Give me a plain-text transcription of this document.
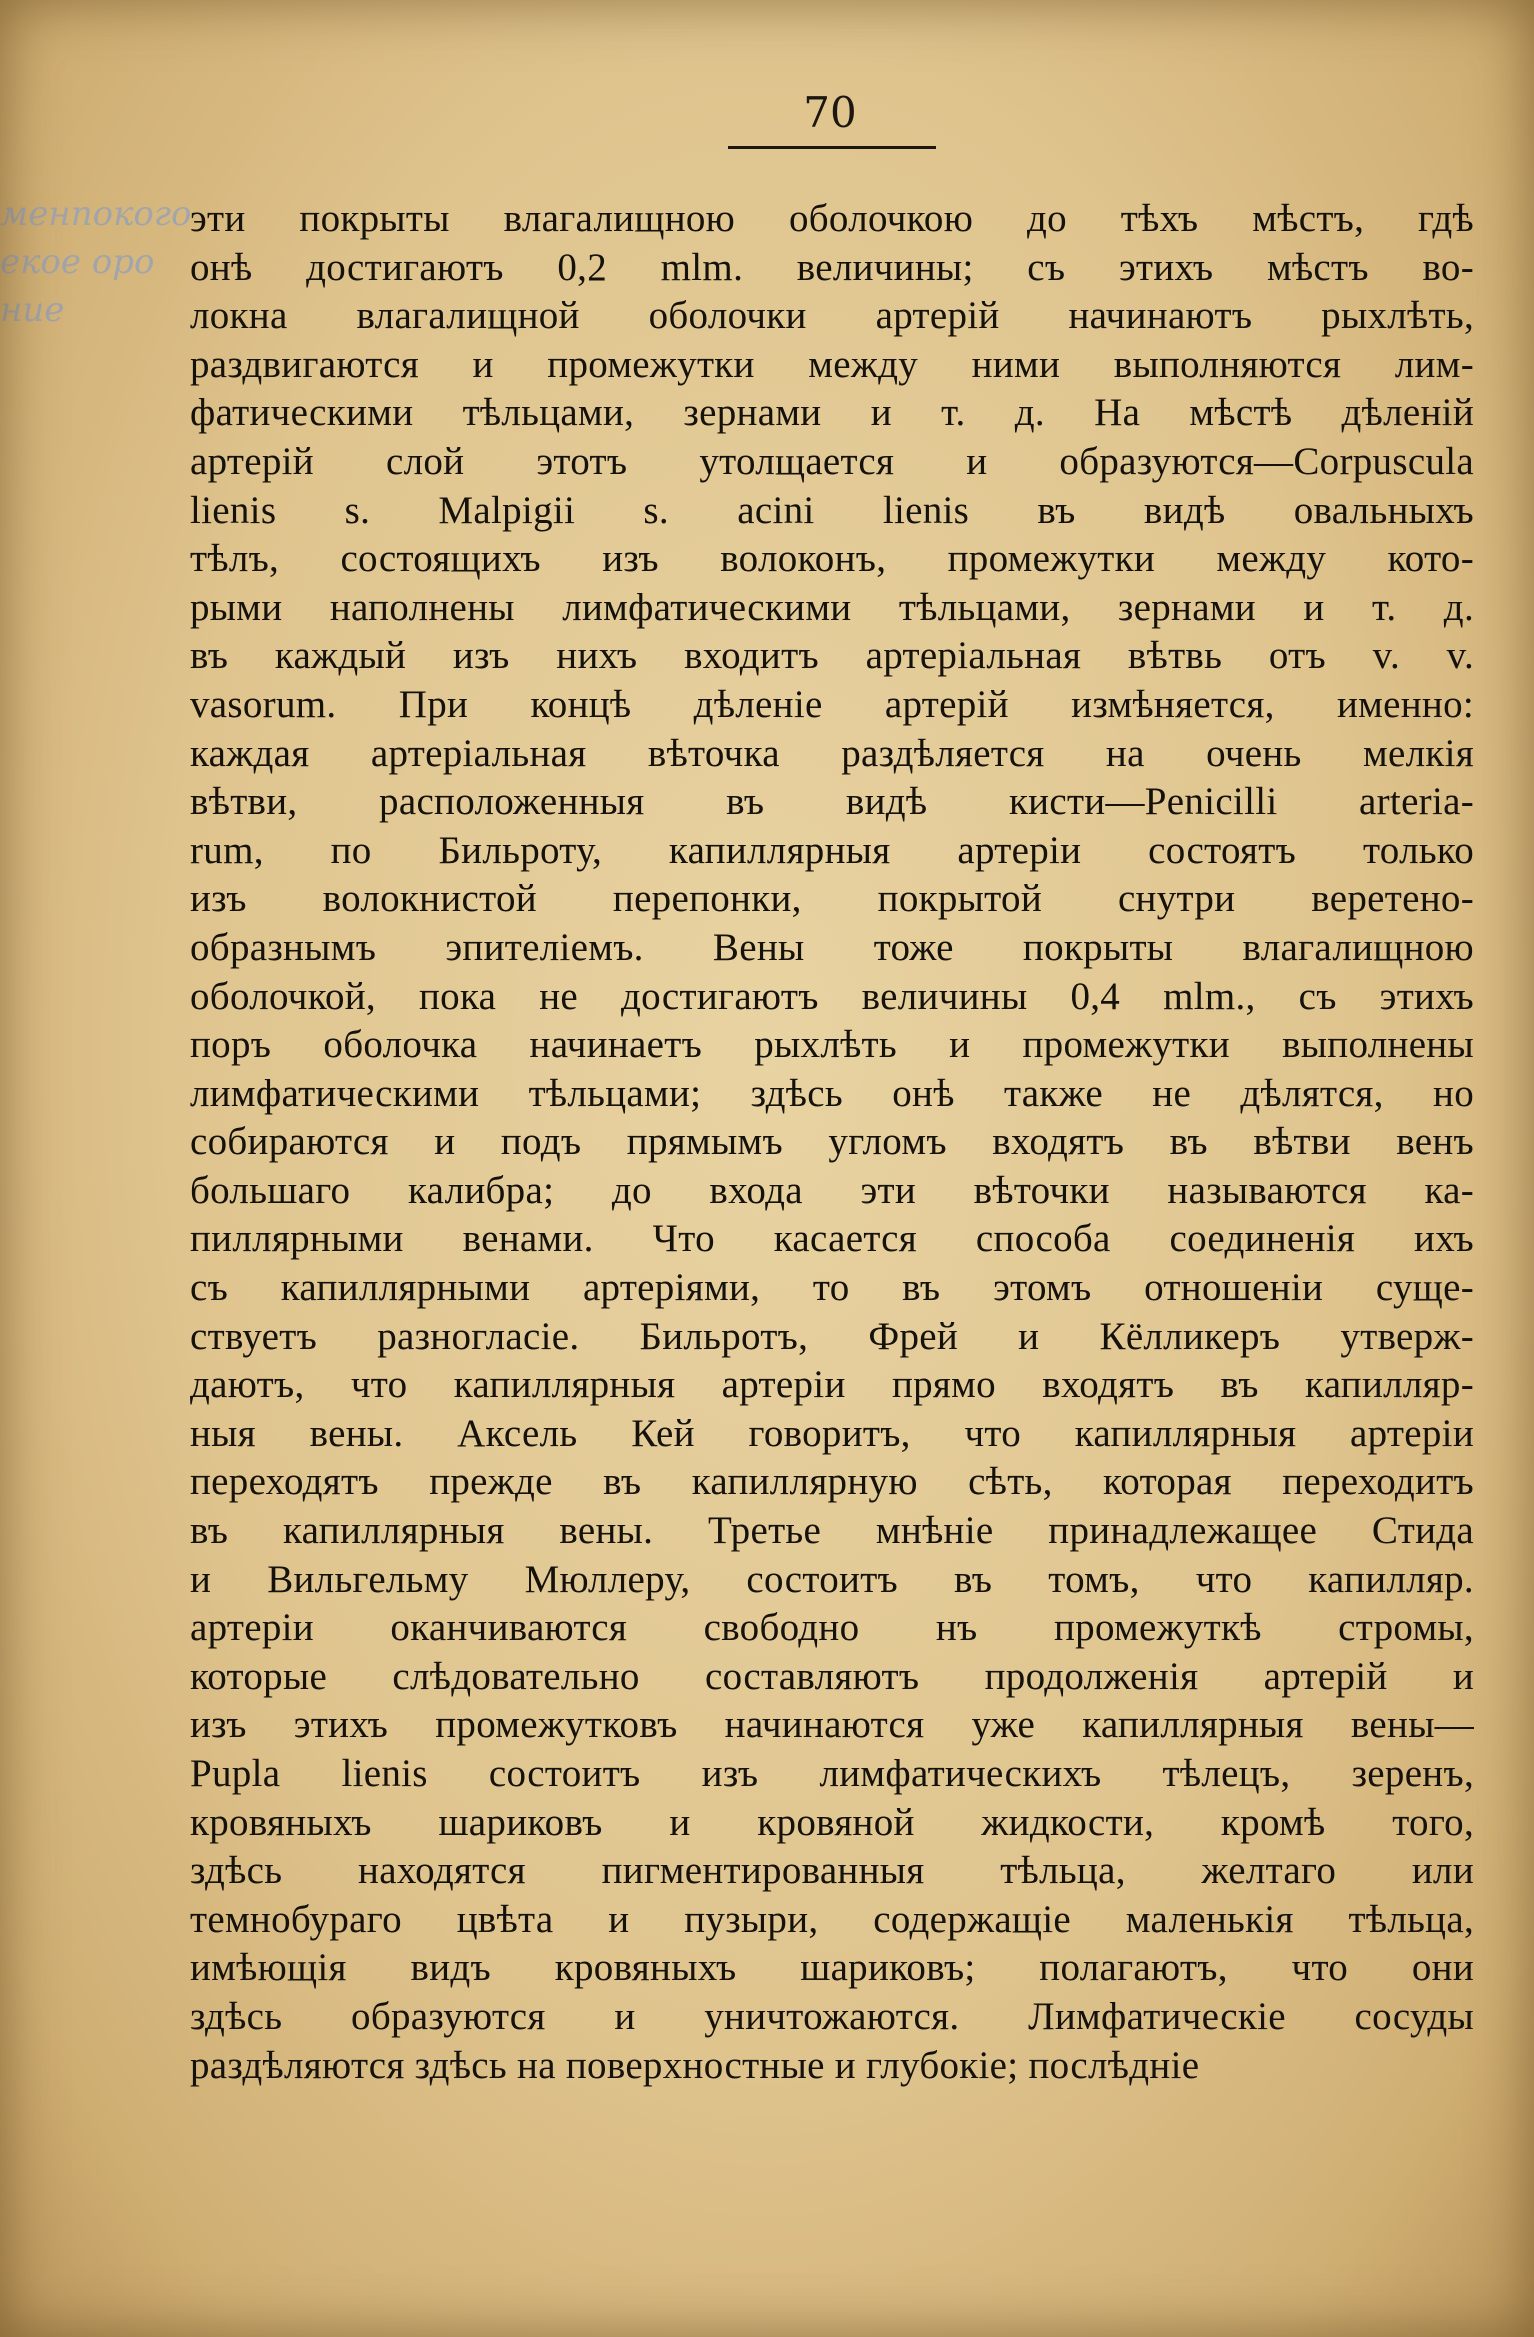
70
менпокого
екое оро
ние
эти покрыты влагалищною оболочкою до тѣхъ мѣстъ, гдѣ
онѣ достигаютъ 0,2 mlm. величины; съ этихъ мѣстъ во-
локна влагалищной оболочки артерій начинаютъ рыхлѣть,
раздвигаются и промежутки между ними выполняются лим-
фатическими тѣльцами, зернами и т. д. На мѣстѣ дѣленій
артерій слой этотъ утолщается и образуются—Corpuscula
lienis s. Malpigii s. acini lienis въ видѣ овальныхъ
тѣлъ, состоящихъ изъ волоконъ, промежутки между кото-
рыми наполнены лимфатическими тѣльцами, зернами и т. д.
въ каждый изъ нихъ входитъ артеріальная вѣтвь отъ v. v.
vasorum. При концѣ дѣленіе артерій измѣняется, именно:
каждая артеріальная вѣточка раздѣляется на очень мелкія
вѣтви, расположенныя въ видѣ кисти—Penicilli arteria-
rum, по Бильроту, капиллярныя артеріи состоятъ только
изъ волокнистой перепонки, покрытой снутри веретено-
образнымъ эпителіемъ. Вены тоже покрыты влагалищною
оболочкой, пока не достигаютъ величины 0,4 mlm., съ этихъ
поръ оболочка начинаетъ рыхлѣть и промежутки выполнены
лимфатическими тѣльцами; здѣсь онѣ также не дѣлятся, но
собираются и подъ прямымъ угломъ входятъ въ вѣтви венъ
большаго калибра; до входа эти вѣточки называются ка-
пиллярными венами. Что касается способа соединенія ихъ
съ капиллярными артеріями, то въ этомъ отношеніи суще-
ствуетъ разногласіе. Бильротъ, Фрей и Кёлликеръ утверж-
даютъ, что капиллярныя артеріи прямо входятъ въ капилляр-
ныя вены. Аксель Кей говоритъ, что капиллярныя артеріи
переходятъ прежде въ капиллярную сѣть, которая переходитъ
въ капиллярныя вены. Третье мнѣніе принадлежащее Стида
и Вильгельму Мюллеру, состоитъ въ томъ, что капилляр.
артеріи оканчиваются свободно нъ промежуткѣ стромы,
которые слѣдовательно составляютъ продолженія артерій и
изъ этихъ промежутковъ начинаются уже капиллярныя вены—
Pupla lienis состоитъ изъ лимфатическихъ тѣлецъ, зеренъ,
кровяныхъ шариковъ и кровяной жидкости, кромѣ того,
здѣсь находятся пигментированныя тѣльца, желтаго или
темнобураго цвѣта и пузыри, содержащіе маленькія тѣльца,
имѣющія видъ кровяныхъ шариковъ; полагаютъ, что они
здѣсь образуются и уничтожаются. Лимфатическіе сосуды
раздѣляются здѣсь на поверхностные и глубокіе; послѣдніе
